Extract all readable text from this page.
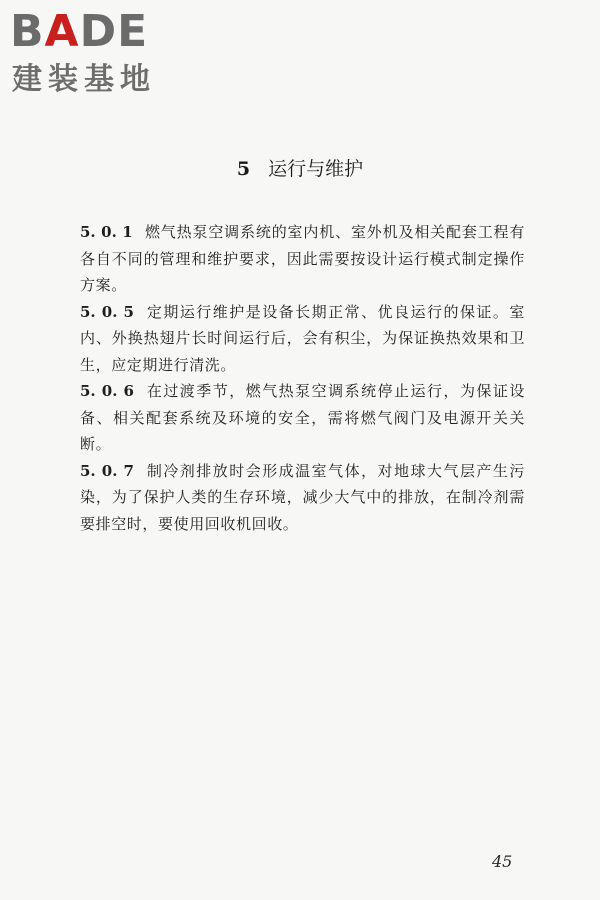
BADE
建装基地
5 运行与维护

5. 0. 1 燃气热泵空调系统的室内机、室外机及相关配套工程有各自不同的管理和维护要求，因此需要按设计运行模式制定操作方案。

5. 0. 5 定期运行维护是设备长期正常、优良运行的保证。室内、外换热翅片长时间运行后，会有积尘，为保证换热效果和卫生，应定期进行清洗。

5. 0. 6 在过渡季节，燃气热泵空调系统停止运行，为保证设备、相关配套系统及环境的安全，需将燃气阀门及电源开关关断。

5. 0. 7 制冷剂排放时会形成温室气体，对地球大气层产生污染，为了保护人类的生存环境，减少大气中的排放，在制冷剂需要排空时，要使用回收机回收。

45
